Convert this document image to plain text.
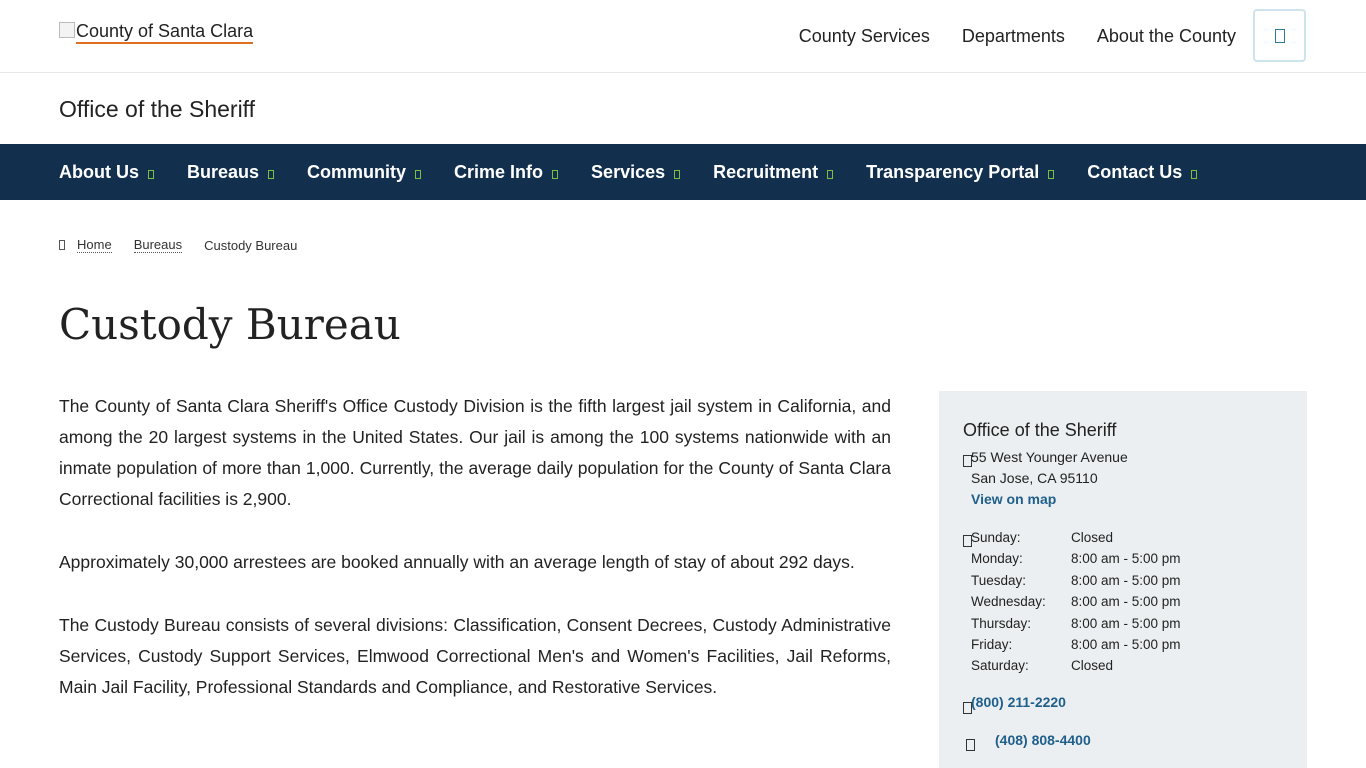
County of Santa Clara	County Services Departments About the County
Office of the Sheriff
About Us	Bureaus	Community	Crime Info	Services	Recruitment	Transparency Portal	Contact Us
Home Bureaus Custody Bureau
Custody Bureau

The County of Santa Clara Sheriff's Office Custody Division is the fifth largest jail system in California, and among the 20 largest systems in the United States. Our jail is among the 100 systems nationwide with an inmate population of more than 1,000. Currently, the average daily population for the County of Santa Clara Correctional facilities is 2,900.

Approximately 30,000 arrestees are booked annually with an average length of stay of about 292 days.

The Custody Bureau consists of several divisions: Classification, Consent Decrees, Custody Administrative Services, Custody Support Services, Elmwood Correctional Men's and Women's Facilities, Jail Reforms, Main Jail Facility, Professional Standards and Compliance, and Restorative Services.

Office of the Sheriff
55 West Younger Avenue
San Jose, CA 95110
View on map
Sunday:	Closed
Monday:	8:00 am - 5:00 pm
Tuesday:	8:00 am - 5:00 pm
Wednesday:	8:00 am - 5:00 pm
Thursday:	8:00 am - 5:00 pm
Friday:	8:00 am - 5:00 pm
Saturday:	Closed
(800) 211-2220
(408) 808-4400
